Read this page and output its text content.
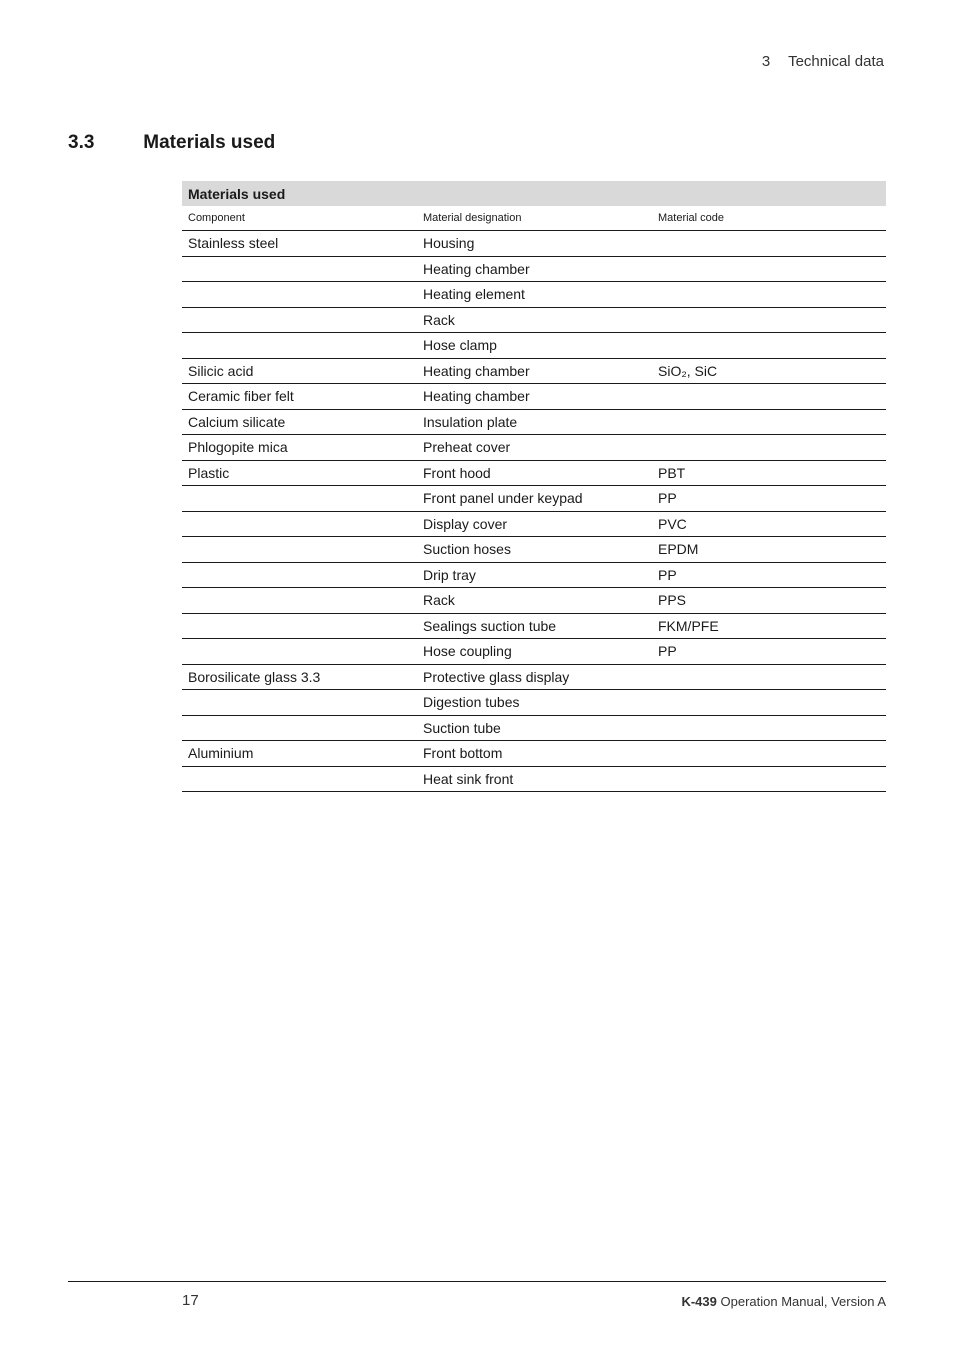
3 Technical data
3.3	Materials used
Materials used		
Component	Material designation	Material code
Stainless steel	Housing	
	Heating chamber	
	Heating element	
	Rack	
	Hose clamp	
Silicic acid	Heating chamber	SiO₂, SiC
Ceramic fiber felt	Heating chamber	
Calcium silicate	Insulation plate	
Phlogopite mica	Preheat cover	
Plastic	Front hood	PBT
	Front panel under keypad	PP
	Display cover	PVC
	Suction hoses	EPDM
	Drip tray	PP
	Rack	PPS
	Sealings suction tube	FKM/PFE
	Hose coupling	PP
Borosilicate glass 3.3	Protective glass display	
	Digestion tubes	
	Suction tube	
Aluminium	Front bottom	
	Heat sink front	
17	K-439 Operation Manual, Version A
